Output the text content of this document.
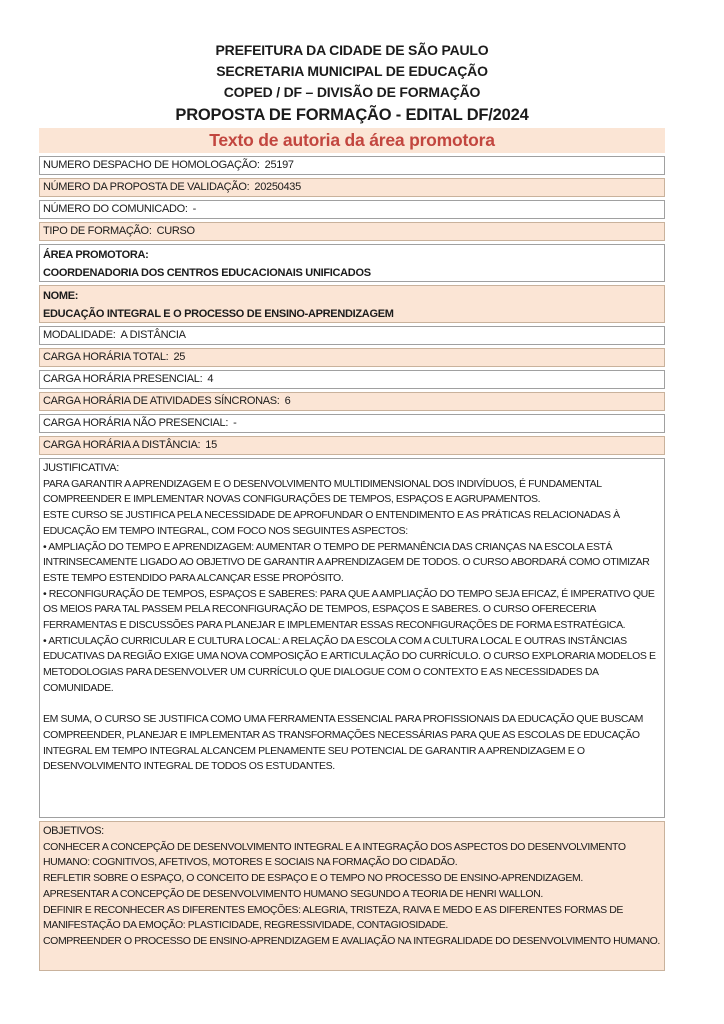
PREFEITURA DA CIDADE DE SÃO PAULO
SECRETARIA MUNICIPAL DE EDUCAÇÃO
COPED / DF – DIVISÃO DE FORMAÇÃO
PROPOSTA DE FORMAÇÃO - EDITAL DF/2024
Texto de autoria da área promotora
NUMERO DESPACHO DE HOMOLOGAÇÃO: 25197
NÚMERO DA PROPOSTA DE VALIDAÇÃO: 20250435
NÚMERO DO COMUNICADO: -
TIPO DE FORMAÇÃO: CURSO
ÁREA PROMOTORA:
COORDENADORIA DOS CENTROS EDUCACIONAIS UNIFICADOS
NOME:
EDUCAÇÃO INTEGRAL E O PROCESSO DE ENSINO-APRENDIZAGEM
MODALIDADE: A DISTÂNCIA
CARGA HORÁRIA TOTAL: 25
CARGA HORÁRIA PRESENCIAL: 4
CARGA HORÁRIA DE ATIVIDADES SÍNCRONAS: 6
CARGA HORÁRIA NÃO PRESENCIAL: -
CARGA HORÁRIA A DISTÂNCIA: 15
JUSTIFICATIVA:
PARA GARANTIR A APRENDIZAGEM E O DESENVOLVIMENTO MULTIDIMENSIONAL DOS INDIVÍDUOS, É FUNDAMENTAL COMPREENDER E IMPLEMENTAR NOVAS CONFIGURAÇÕES DE TEMPOS, ESPAÇOS E AGRUPAMENTOS.
ESTE CURSO SE JUSTIFICA PELA NECESSIDADE DE APROFUNDAR O ENTENDIMENTO E AS PRÁTICAS RELACIONADAS À EDUCAÇÃO EM TEMPO INTEGRAL, COM FOCO NOS SEGUINTES ASPECTOS:
• AMPLIAÇÃO DO TEMPO E APRENDIZAGEM: AUMENTAR O TEMPO DE PERMANÊNCIA DAS CRIANÇAS NA ESCOLA ESTÁ INTRINSECAMENTE LIGADO AO OBJETIVO DE GARANTIR A APRENDIZAGEM DE TODOS. O CURSO ABORDARÁ COMO OTIMIZAR ESTE TEMPO ESTENDIDO PARA ALCANÇAR ESSE PROPÓSITO.
• RECONFIGURAÇÃO DE TEMPOS, ESPAÇOS E SABERES: PARA QUE A AMPLIAÇÃO DO TEMPO SEJA EFICAZ, É IMPERATIVO QUE OS MEIOS PARA TAL PASSEM PELA RECONFIGURAÇÃO DE TEMPOS, ESPAÇOS E SABERES. O CURSO OFERECERIA FERRAMENTAS E DISCUSSÕES PARA PLANEJAR E IMPLEMENTAR ESSAS RECONFIGURAÇÕES DE FORMA ESTRATÉGICA.
• ARTICULAÇÃO CURRICULAR E CULTURA LOCAL: A RELAÇÃO DA ESCOLA COM A CULTURA LOCAL E OUTRAS INSTÂNCIAS EDUCATIVAS DA REGIÃO EXIGE UMA NOVA COMPOSIÇÃO E ARTICULAÇÃO DO CURRÍCULO. O CURSO EXPLORARIA MODELOS E METODOLOGIAS PARA DESENVOLVER UM CURRÍCULO QUE DIALOGUE COM O CONTEXTO E AS NECESSIDADES DA COMUNIDADE.
EM SUMA, O CURSO SE JUSTIFICA COMO UMA FERRAMENTA ESSENCIAL PARA PROFISSIONAIS DA EDUCAÇÃO QUE BUSCAM COMPREENDER, PLANEJAR E IMPLEMENTAR AS TRANSFORMAÇÕES NECESSÁRIAS PARA QUE AS ESCOLAS DE EDUCAÇÃO INTEGRAL EM TEMPO INTEGRAL ALCANCEM PLENAMENTE SEU POTENCIAL DE GARANTIR A APRENDIZAGEM E O DESENVOLVIMENTO INTEGRAL DE TODOS OS ESTUDANTES.
OBJETIVOS:
CONHECER A CONCEPÇÃO DE DESENVOLVIMENTO INTEGRAL E A INTEGRAÇÃO DOS ASPECTOS DO DESENVOLVIMENTO HUMANO: COGNITIVOS, AFETIVOS, MOTORES E SOCIAIS NA FORMAÇÃO DO CIDADÃO.
REFLETIR SOBRE O ESPAÇO, O CONCEITO DE ESPAÇO E O TEMPO NO PROCESSO DE ENSINO-APRENDIZAGEM.
APRESENTAR A CONCEPÇÃO DE DESENVOLVIMENTO HUMANO SEGUNDO A TEORIA DE HENRI WALLON.
DEFINIR E RECONHECER AS DIFERENTES EMOÇÕES: ALEGRIA, TRISTEZA, RAIVA E MEDO E AS DIFERENTES FORMAS DE MANIFESTAÇÃO DA EMOÇÃO: PLASTICIDADE, REGRESSIVIDADE, CONTAGIOSIDADE.
COMPREENDER O PROCESSO DE ENSINO-APRENDIZAGEM E AVALIAÇÃO NA INTEGRALIDADE DO DESENVOLVIMENTO HUMANO.
